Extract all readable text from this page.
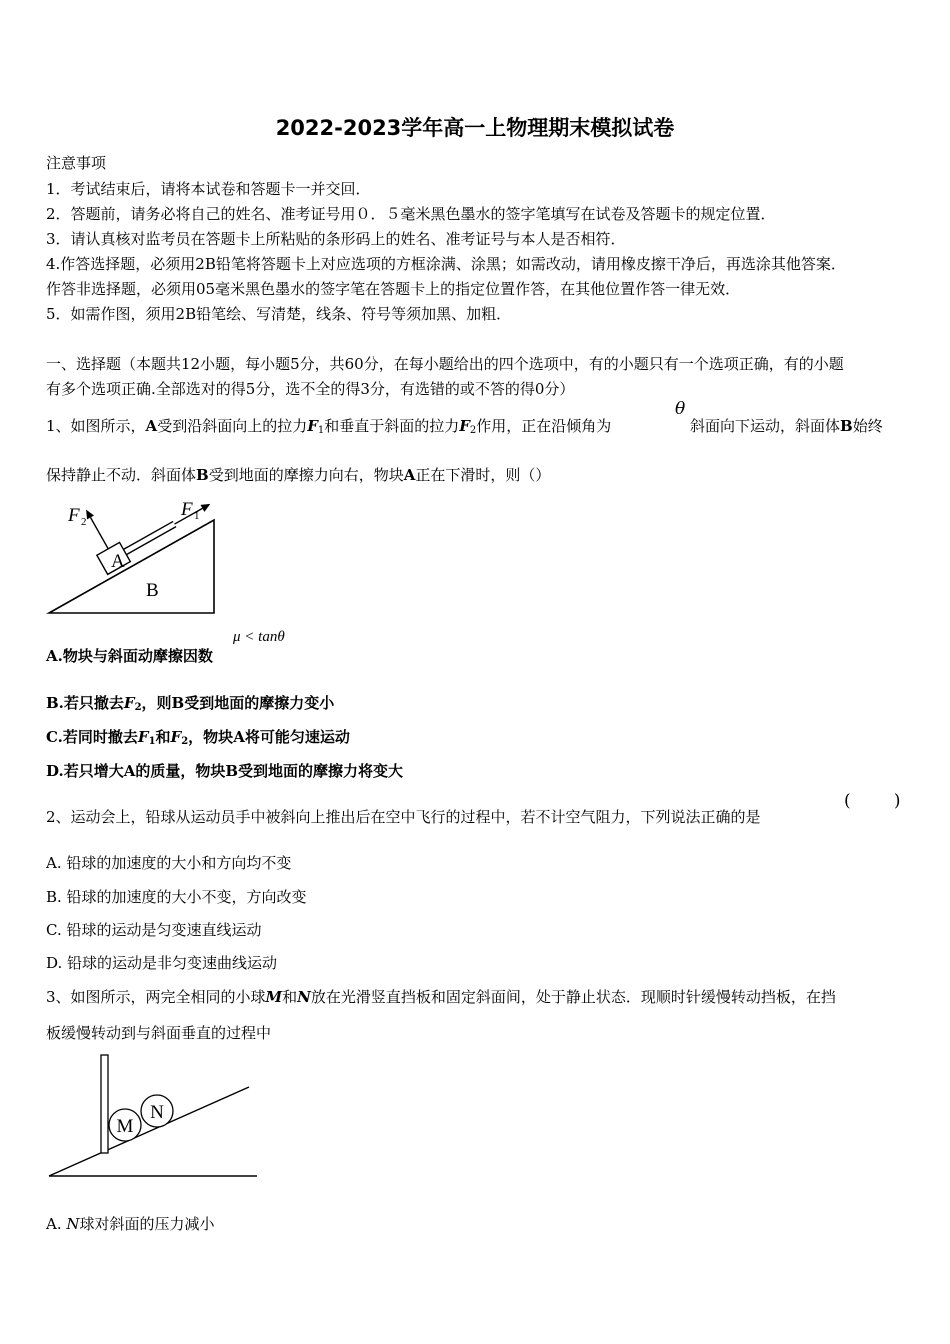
2022-2023学年高一上物理期末模拟试卷
注意事项
1．考试结束后，请将本试卷和答题卡一并交回．
2．答题前，请务必将自己的姓名、准考证号用０．５毫米黑色墨水的签字笔填写在试卷及答题卡的规定位置．
3．请认真核对监考员在答题卡上所粘贴的条形码上的姓名、准考证号与本人是否相符．
4.作答选择题，必须用2B铅笔将答题卡上对应选项的方框涂满、涂黑；如需改动，请用橡皮擦干净后，再选涂其他答案．
作答非选择题，必须用05毫米黑色墨水的签字笔在答题卡上的指定位置作答，在其他位置作答一律无效．
5．如需作图，须用2B铅笔绘、写清楚，线条、符号等须加黑、加粗．
一、选择题（本题共12小题，每小题5分，共60分，在每小题给出的四个选项中，有的小题只有一个选项正确，有的小题
有多个选项正确.全部选对的得5分，选不全的得3分，有选错的或不答的得0分）
1、如图所示，A受到沿斜面向上的拉力$F_1$和垂直于斜面的拉力$F_2$作用，正在沿倾角为
θ
斜面向下运动，斜面体B始终
保持静止不动．斜面体B受到地面的摩擦力向右，物块A正在下滑时，则（）
A
B
F 2
F 1
A.物块与斜面动摩擦因数
μ < tanθ
B.若只撤去$F_2$，则B受到地面的摩擦力变小
C.若同时撤去$F_1$和$F_2$，物块A将可能匀速运动
D.若只增大A的质量，物块B受到地面的摩擦力将变大
2、运动会上，铅球从运动员手中被斜向上推出后在空中飞行的过程中，若不计空气阻力，下列说法正确的是
(        )
A. 铅球的加速度的大小和方向均不变
B. 铅球的加速度的大小不变，方向改变
C. 铅球的运动是匀变速直线运动
D. 铅球的运动是非匀变速曲线运动
3、如图所示，两完全相同的小球M和N放在光滑竖直挡板和固定斜面间，处于静止状态．现顺时针缓慢转动挡板，在挡
板缓慢转动到与斜面垂直的过程中
M
N
A. N球对斜面的压力减小
